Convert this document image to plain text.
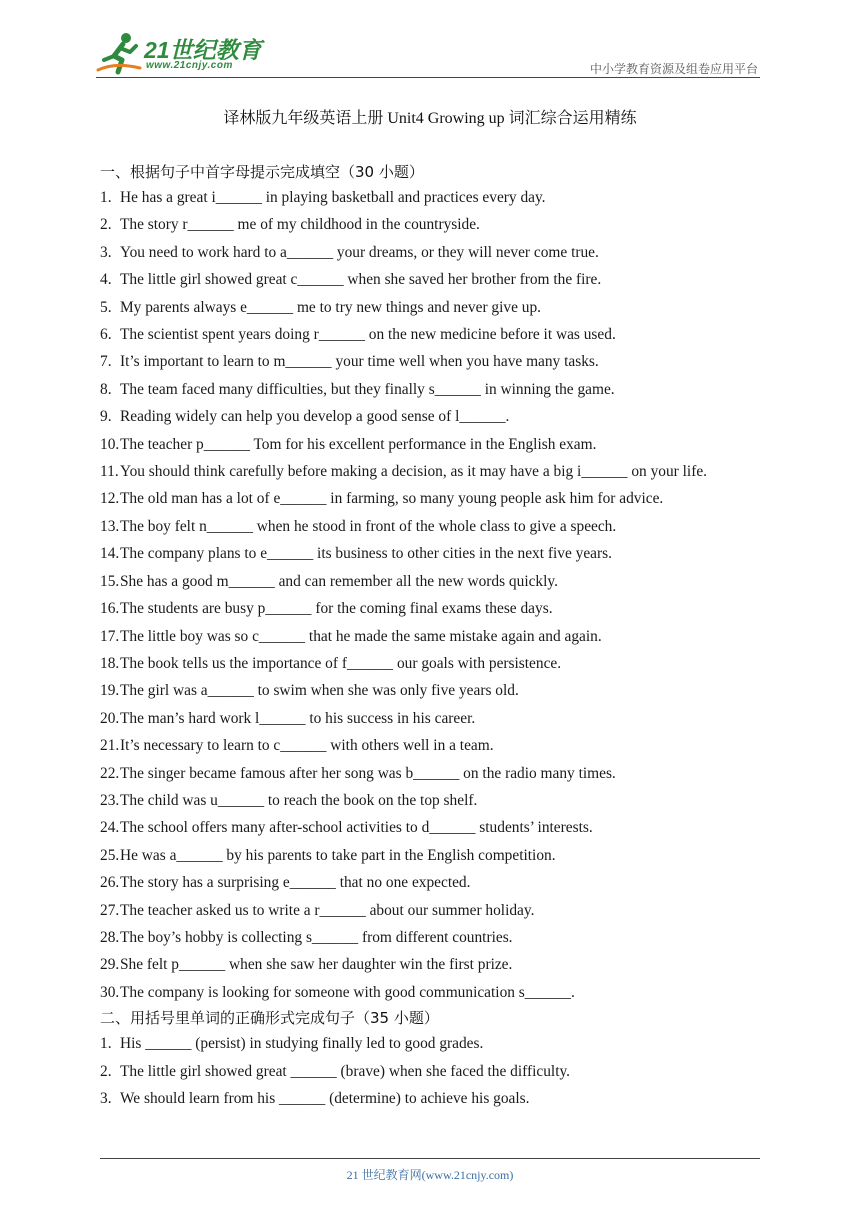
21世纪教育
www.21cnjy.com	中小学教育资源及组卷应用平台
译林版九年级英语上册 Unit4 Growing up 词汇综合运用精练

一、根据句子中首字母提示完成填空（30 小题）

1. He has a great i______ in playing basketball and practices every day.

2. The story r______ me of my childhood in the countryside.

3. You need to work hard to a______ your dreams, or they will never come true.

4. The little girl showed great c______ when she saved her brother from the fire.

5. My parents always e______ me to try new things and never give up.

6. The scientist spent years doing r______ on the new medicine before it was used.

7. It’s important to learn to m______ your time well when you have many tasks.

8. The team faced many difficulties, but they finally s______ in winning the game.

9. Reading widely can help you develop a good sense of l______.

10. The teacher p______ Tom for his excellent performance in the English exam.

11. You should think carefully before making a decision, as it may have a big i______ on your life.

12. The old man has a lot of e______ in farming, so many young people ask him for advice.

13. The boy felt n______ when he stood in front of the whole class to give a speech.

14. The company plans to e______ its business to other cities in the next five years.

15. She has a good m______ and can remember all the new words quickly.

16. The students are busy p______ for the coming final exams these days.

17. The little boy was so c______ that he made the same mistake again and again.

18. The book tells us the importance of f______ our goals with persistence.

19. The girl was a______ to swim when she was only five years old.

20. The man’s hard work l______ to his success in his career.

21. It’s necessary to learn to c______ with others well in a team.

22. The singer became famous after her song was b______ on the radio many times.

23. The child was u______ to reach the book on the top shelf.

24. The school offers many after-school activities to d______ students’ interests.

25. He was a______ by his parents to take part in the English competition.

26. The story has a surprising e______ that no one expected.

27. The teacher asked us to write a r______ about our summer holiday.

28. The boy’s hobby is collecting s______ from different countries.

29. She felt p______ when she saw her daughter win the first prize.

30. The company is looking for someone with good communication s______.

二、用括号里单词的正确形式完成句子（35 小题）

1. His ______ (persist) in studying finally led to good grades.

2. The little girl showed great ______ (brave) when she faced the difficulty.

3. We should learn from his ______ (determine) to achieve his goals.

21 世纪教育网(www.21cnjy.com)
